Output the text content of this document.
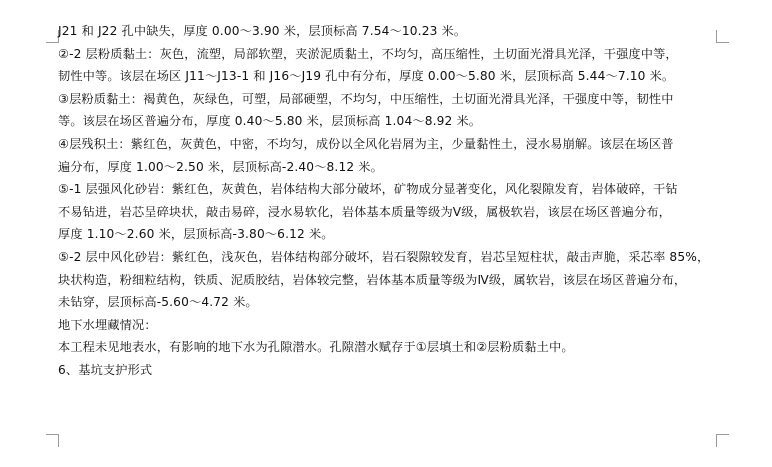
J21 和 J22 孔中缺失，厚度 0.00～3.90 米，层顶标高 7.54～10.23 米。
②-2 层粉质黏土：灰色，流塑，局部软塑，夹淤泥质黏土，不均匀，高压缩性，土切面光滑具光泽，干强度中等，
韧性中等。该层在场区 J11～J13-1 和 J16～J19 孔中有分布，厚度 0.00～5.80 米，层顶标高 5.44～7.10 米。
③层粉质黏土：褐黄色，灰绿色，可塑，局部硬塑，不均匀，中压缩性，土切面光滑具光泽，干强度中等，韧性中
等。该层在场区普遍分布，厚度 0.40～5.80 米，层顶标高 1.04～8.92 米。
④层残积土：紫红色，灰黄色，中密，不均匀，成份以全风化岩屑为主，少量黏性土，浸水易崩解。该层在场区普
遍分布，厚度 1.00～2.50 米，层顶标高-2.40～8.12 米。
⑤-1 层强风化砂岩：紫红色，灰黄色，岩体结构大部分破坏，矿物成分显著变化，风化裂隙发育，岩体破碎，干钻
不易钻进，岩芯呈碎块状，敲击易碎，浸水易软化，岩体基本质量等级为Ⅴ级，属极软岩，该层在场区普遍分布，
厚度 1.10～2.60 米，层顶标高-3.80～6.12 米。
⑤-2 层中风化砂岩：紫红色，浅灰色，岩体结构部分破坏，岩石裂隙较发育，岩芯呈短柱状，敲击声脆，采芯率 85%，
块状构造，粉细粒结构，铁质、泥质胶结，岩体较完整，岩体基本质量等级为Ⅳ级，属软岩，该层在场区普遍分布，
未钻穿，层顶标高-5.60～4.72 米。
地下水埋藏情况：
本工程未见地表水，有影响的地下水为孔隙潜水。孔隙潜水赋存于①层填土和②层粉质黏土中。
6、基坑支护形式
